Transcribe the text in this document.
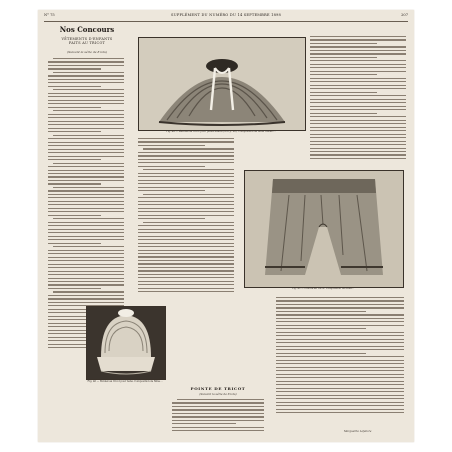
N° 75	SUPPLÉMENT DU NUMÉRO DU 14 SEPTEMBRE 1898	207
Nos Concours
VÊTEMENTS D'ENFANTS
FAITS AU TRICOT
(Suivant la série de 8 lots)
Fig. 44 — Pèlerine au tricot pour petite fillette (voir p. 00). Composition de Mme Hubert…
Fig. 45 — Culotte au tricot. Composition de Mme…
Fig. 46 — Bonnet au tricot pour bébé. Composition de Mme…
POINTE DE TRICOT
(Suivant la série de 8 lots)
Marguerite Lefebvre
